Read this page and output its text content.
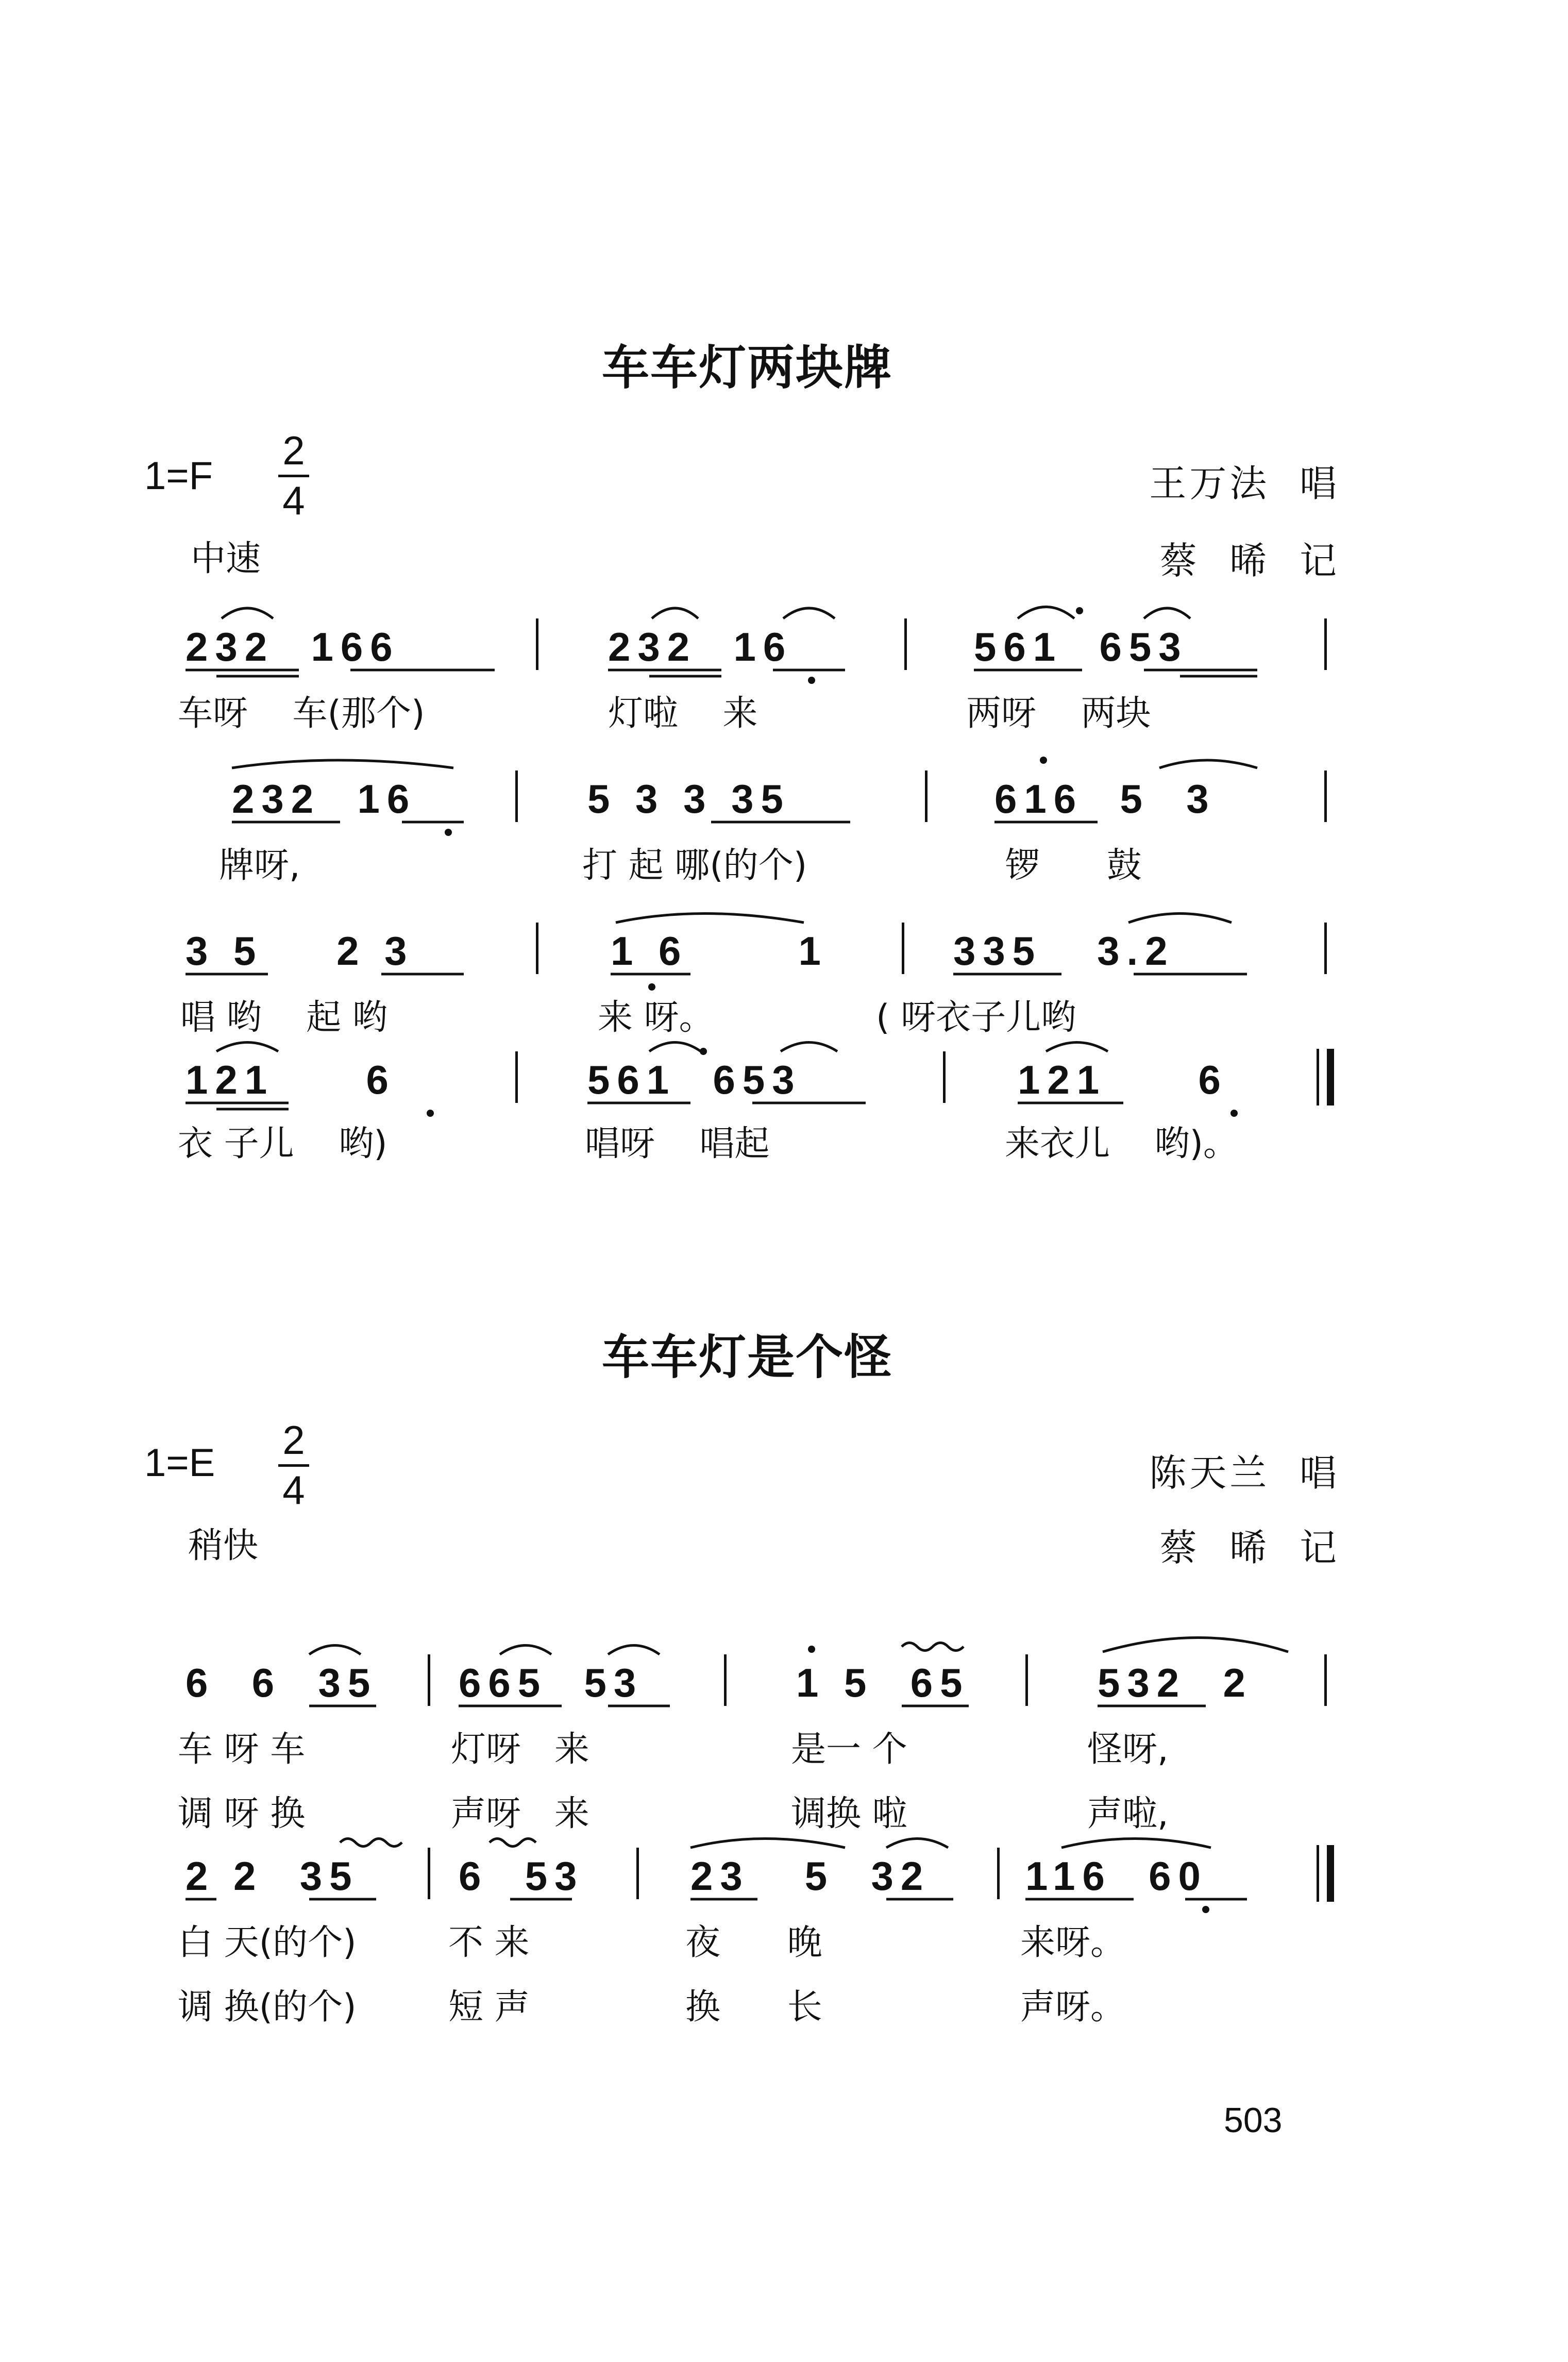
车车灯两块牌
$1=F \frac{2}{4}$
中速
王万法  唱
蔡  晞  记
232  166	232  16	561  653
车呀    车(那个)	灯啦    来	两呀    两块
232  16	5 3 3 35	616  5  3
牌呀,	打 起 哪(的个)	锣      鼓
3 5    2 3	1 6      1	335   3.2
唱 哟    起 哟	来 呀。	( 呀衣子儿哟
121     6	561  653	121     6
衣 子儿    哟)	唱呀    唱起	来衣儿    哟)。
车车灯是个怪
$1=E \frac{2}{4}$
稍快
陈天兰  唱
蔡  晞  记
6  6  35 665  53	1 5  65	532  2
车 呀 车	灯呀   来	是一 个	怪呀,
调 呀 换	声呀   来	调换 啦	声啦,
2 2  35 6  53	23   5  32 116  60
白 天(的个)	不 来	夜      晚	来呀。
调 换(的个)	短 声	换      长	声呀。
503
